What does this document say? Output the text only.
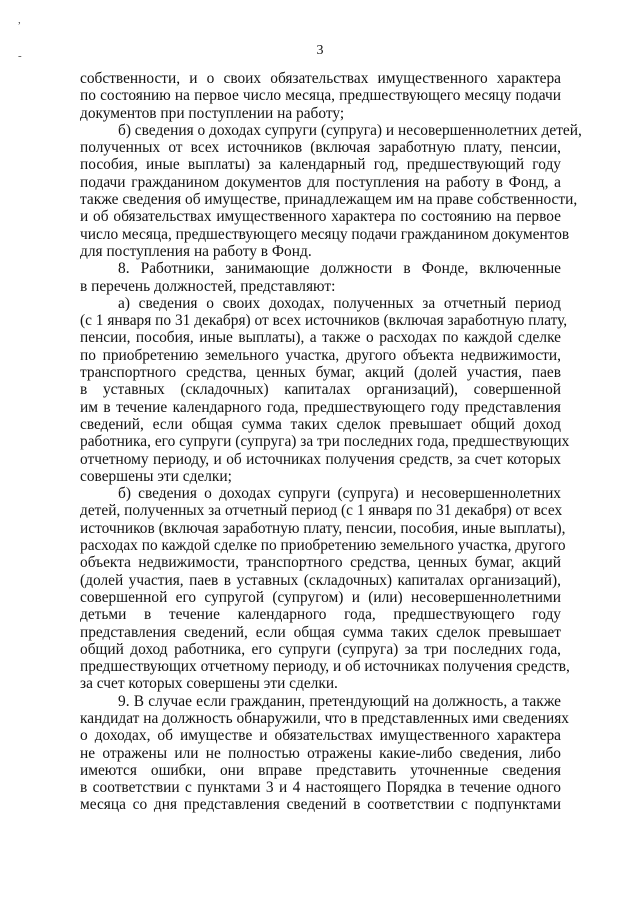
,
-	3
собственности, и о своих обязательствах имущественного характера
по состоянию на первое число месяца, предшествующего месяцу подачи
документов при поступлении на работу;
б) сведения о доходах супруги (супруга) и несовершеннолетних детей,
полученных от всех источников (включая заработную плату, пенсии,
пособия, иные выплаты) за календарный год, предшествующий году
подачи гражданином документов для поступления на работу в Фонд, а
также сведения об имуществе, принадлежащем им на праве собственности,
и об обязательствах имущественного характера по состоянию на первое
число месяца, предшествующего месяцу подачи гражданином документов
для поступления на работу в Фонд.
8. Работники, занимающие должности в Фонде, включенные
в перечень должностей, представляют:
а) сведения о своих доходах, полученных за отчетный период
(с 1 января по 31 декабря) от всех источников (включая заработную плату,
пенсии, пособия, иные выплаты), а также о расходах по каждой сделке
по приобретению земельного участка, другого объекта недвижимости,
транспортного средства, ценных бумаг, акций (долей участия, паев
в уставных (складочных) капиталах организаций), совершенной
им в течение календарного года, предшествующего году представления
сведений, если общая сумма таких сделок превышает общий доход
работника, его супруги (супруга) за три последних года, предшествующих
отчетному периоду, и об источниках получения средств, за счет которых
совершены эти сделки;
б) сведения о доходах супруги (супруга) и несовершеннолетних
детей, полученных за отчетный период (с 1 января по 31 декабря) от всех
источников (включая заработную плату, пенсии, пособия, иные выплаты),
расходах по каждой сделке по приобретению земельного участка, другого
объекта недвижимости, транспортного средства, ценных бумаг, акций
(долей участия, паев в уставных (складочных) капиталах организаций),
совершенной его супругой (супругом) и (или) несовершеннолетними
детьми в течение календарного года, предшествующего году
представления сведений, если общая сумма таких сделок превышает
общий доход работника, его супруги (супруга) за три последних года,
предшествующих отчетному периоду, и об источниках получения средств,
за счет которых совершены эти сделки.
9. В случае если гражданин, претендующий на должность, а также
кандидат на должность обнаружили, что в представленных ими сведениях
о доходах, об имуществе и обязательствах имущественного характера
не отражены или не полностью отражены какие-либо сведения, либо
имеются ошибки, они вправе представить уточненные сведения
в соответствии с пунктами 3 и 4 настоящего Порядка в течение одного
месяца со дня представления сведений в соответствии с подпунктами
